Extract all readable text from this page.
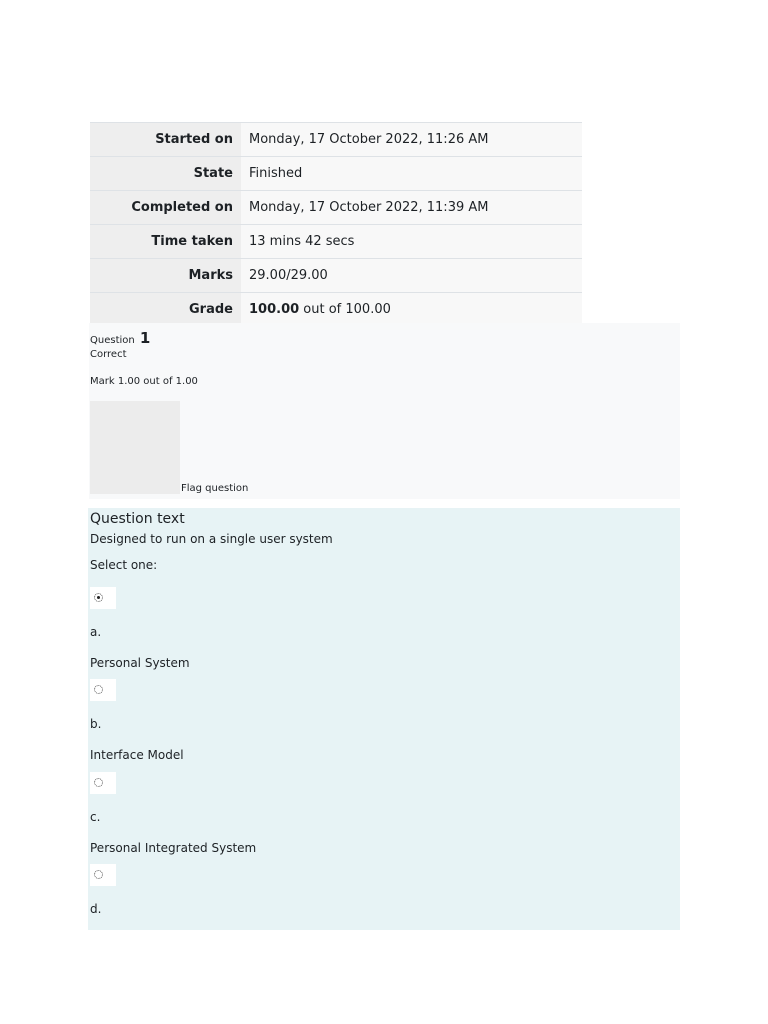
Started on	Monday, 17 October 2022, 11:26 AM
State	Finished
Completed on	Monday, 17 October 2022, 11:39 AM
Time taken	13 mins 42 secs
Marks	29.00/29.00
Grade	100.00 out of 100.00
Question 1
Correct
Mark 1.00 out of 1.00
Flag question
Question text
Designed to run on a single user system
Select one:
a.
Personal System
b.
Interface Model
c.
Personal Integrated System
d.
